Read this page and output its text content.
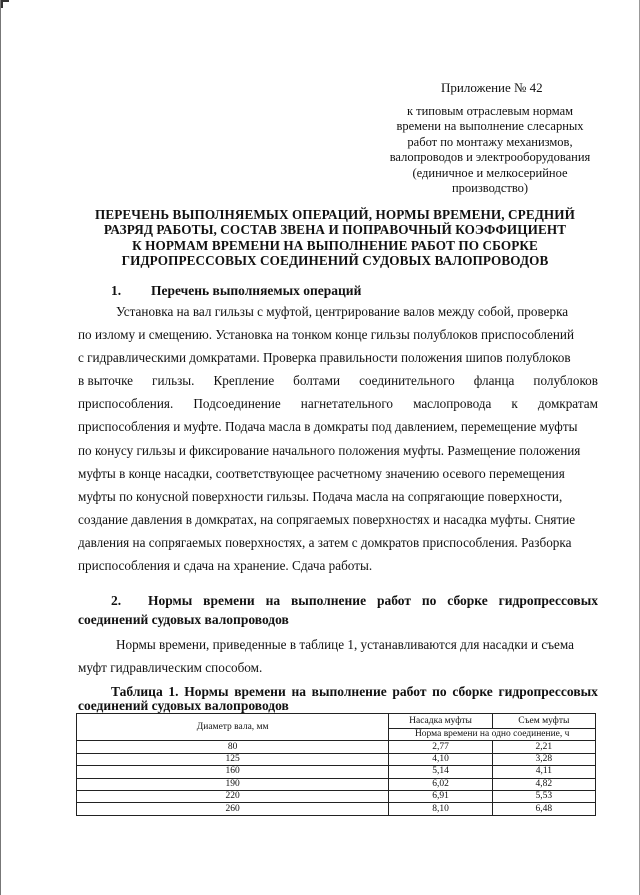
Приложение № 42
к типовым отраслевым нормам
времени на выполнение слесарных
работ по монтажу механизмов,
валопроводов и электрооборудования
(единичное и мелкосерийное
производство)
ПЕРЕЧЕНЬ ВЫПОЛНЯЕМЫХ ОПЕРАЦИЙ, НОРМЫ ВРЕМЕНИ, СРЕДНИЙ
РАЗРЯД РАБОТЫ, СОСТАВ ЗВЕНА И ПОПРАВОЧНЫЙ КОЭФФИЦИЕНТ
К НОРМАМ ВРЕМЕНИ НА ВЫПОЛНЕНИЕ РАБОТ ПО СБОРКЕ
ГИДРОПРЕССОВЫХ СОЕДИНЕНИЙ СУДОВЫХ ВАЛОПРОВОДОВ
1. Перечень выполняемых операций
Установка на вал гильзы с муфтой, центрирование валов между собой, проверка
по излому и смещению. Установка на тонком конце гильзы полублоков приспособлений
с гидравлическими домкратами. Проверка правильности положения шипов полублоков
в выточке гильзы. Крепление болтами соединительного фланца полублоков
приспособления. Подсоединение нагнетательного маслопровода к домкратам
приспособления и муфте. Подача масла в домкраты под давлением, перемещение муфты
по конусу гильзы и фиксирование начального положения муфты. Размещение положения
муфты в конце насадки, соответствующее расчетному значению осевого перемещения
муфты по конусной поверхности гильзы. Подача масла на сопрягающие поверхности,
создание давления в домкратах, на сопрягаемых поверхностях и насадка муфты. Снятие
давления на сопрягаемых поверхностях, а затем с домкратов приспособления. Разборка
приспособления и сдача на хранение. Сдача работы.
2. Нормы времени на выполнение работ по сборке гидропрессовых
соединений судовых валопроводов
Нормы времени, приведенные в таблице 1, устанавливаются для насадки и съема
муфт гидравлическим способом.
Таблица 1. Нормы времени на выполнение работ по сборке гидропрессовых
соединений судовых валопроводов
Диаметр вала, мм	Насадка муфты	Съем муфты
	Норма времени на одно соединение, ч	
80	2,77	2,21
125	4,10	3,28
160	5,14	4,11
190	6,02	4,82
220	6,91	5,53
260	8,10	6,48
